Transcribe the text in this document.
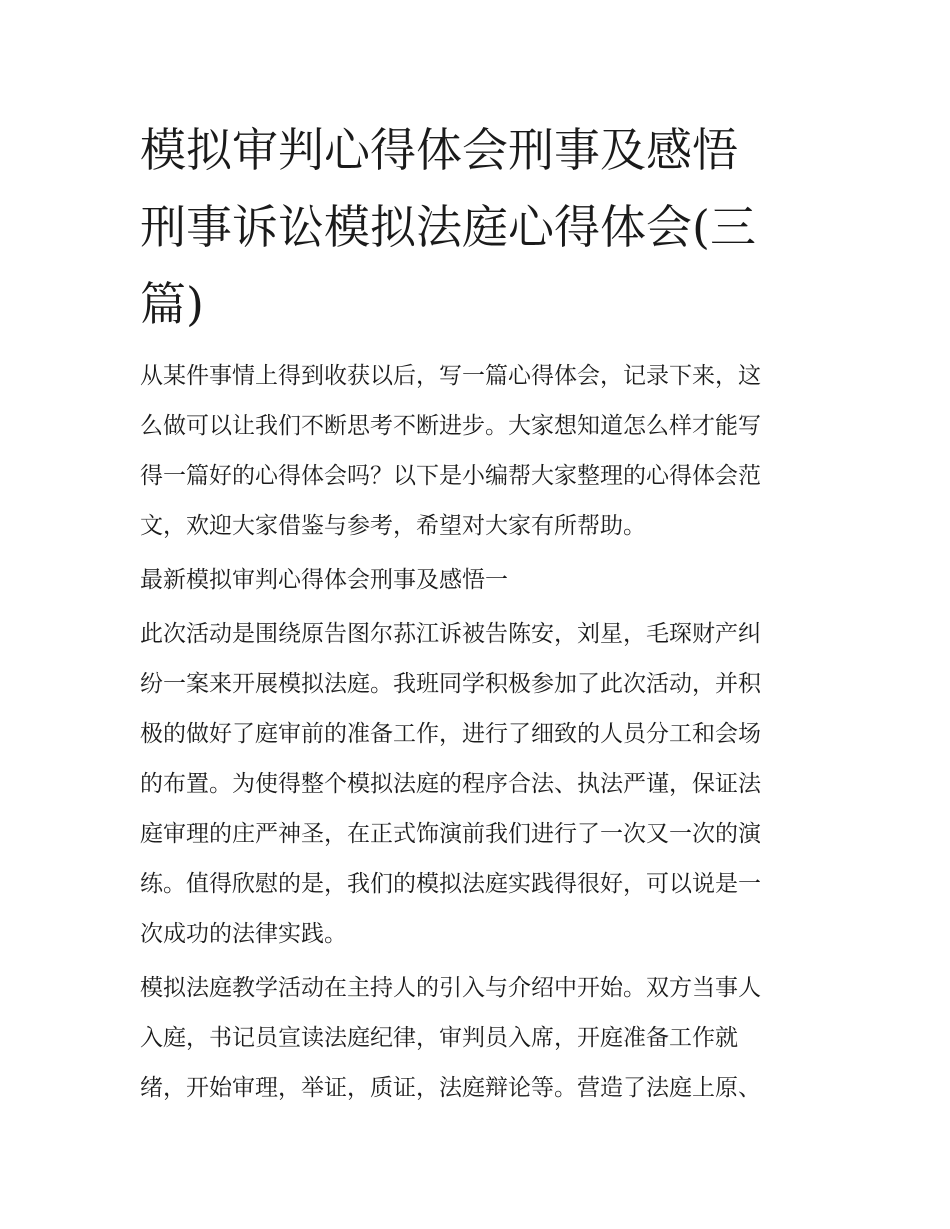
模拟审判心得体会刑事及感悟
刑事诉讼模拟法庭心得体会(三
篇)
从某件事情上得到收获以后，写一篇心得体会，记录下来，这
么做可以让我们不断思考不断进步。大家想知道怎么样才能写
得一篇好的心得体会吗？以下是小编帮大家整理的心得体会范
文，欢迎大家借鉴与参考，希望对大家有所帮助。
最新模拟审判心得体会刑事及感悟一
此次活动是围绕原告图尔荪江诉被告陈安，刘星，毛琛财产纠
纷一案来开展模拟法庭。我班同学积极参加了此次活动，并积
极的做好了庭审前的准备工作，进行了细致的人员分工和会场
的布置。为使得整个模拟法庭的程序合法、执法严谨，保证法
庭审理的庄严神圣，在正式饰演前我们进行了一次又一次的演
练。值得欣慰的是，我们的模拟法庭实践得很好，可以说是一
次成功的法律实践。
模拟法庭教学活动在主持人的引入与介绍中开始。双方当事人
入庭，书记员宣读法庭纪律，审判员入席，开庭准备工作就
绪，开始审理，举证，质证，法庭辩论等。营造了法庭上原、
